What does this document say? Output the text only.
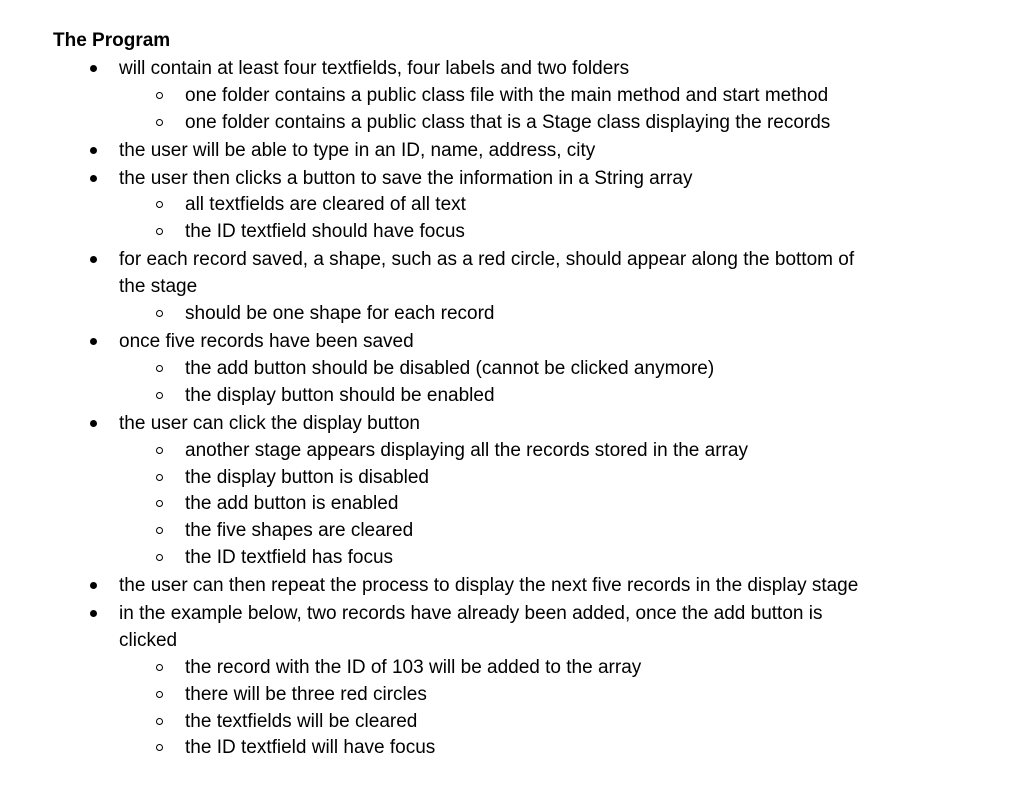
The Program
will contain at least four textfields, four labels and two folders
one folder contains a public class file with the main method and start method
one folder contains a public class that is a Stage class displaying the records
the user will be able to type in an ID, name, address, city
the user then clicks a button to save the information in a String array
all textfields are cleared of all text
the ID textfield should have focus
for each record saved, a shape, such as a red circle, should appear along the bottom of
the stage
should be one shape for each record
once five records have been saved
the add button should be disabled (cannot be clicked anymore)
the display button should be enabled
the user can click the display button
another stage appears displaying all the records stored in the array
the display button is disabled
the add button is enabled
the five shapes are cleared
the ID textfield has focus
the user can then repeat the process to display the next five records in the display stage
in the example below, two records have already been added, once the add button is
clicked
the record with the ID of 103 will be added to the array
there will be three red circles
the textfields will be cleared
the ID textfield will have focus
